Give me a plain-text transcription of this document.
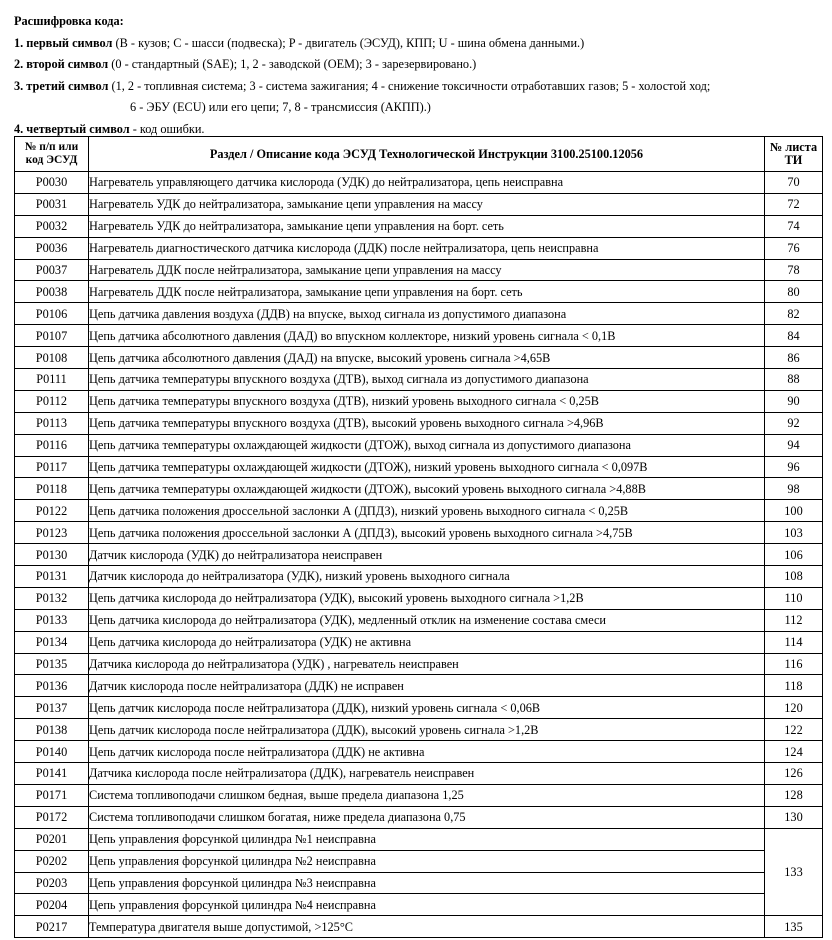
Расшифровка кода:
1. первый символ (B - кузов; C - шасси (подвеска); P - двигатель (ЭСУД), КПП; U - шина обмена данными.)
2. второй символ (0 - стандартный (SAE); 1, 2 - заводской (OEM); 3 - зарезервировано.)
3. третий символ (1, 2 - топливная система; 3 - система зажигания; 4 - снижение токсичности отработавших газов; 5 - холостой ход;
6 - ЭБУ (ECU) или его цепи; 7, 8 - трансмиссия (АКПП).)
4. четвертый символ - код ошибки.
№ п/п или
код ЭСУД	Раздел / Описание кода ЭСУД Технологической Инструкции 3100.25100.12056	№ листа
ТИ
P0030	Нагреватель управляющего датчика кислорода (УДК) до нейтрализатора, цепь неисправна	70
P0031	Нагреватель УДК до нейтрализатора, замыкание цепи управления на массу	72
P0032	Нагреватель УДК до нейтрализатора, замыкание цепи управления на борт. сеть	74
P0036	Нагреватель диагностического датчика кислорода (ДДК) после нейтрализатора, цепь неисправна	76
P0037	Нагреватель ДДК после нейтрализатора, замыкание цепи управления на массу	78
P0038	Нагреватель ДДК после нейтрализатора, замыкание цепи управления на борт. сеть	80
P0106	Цепь датчика давления воздуха (ДДВ) на впуске, выход сигнала из допустимого диапазона	82
P0107	Цепь датчика абсолютного давления (ДАД) во впускном коллекторе, низкий уровень сигнала < 0,1В	84
P0108	Цепь датчика абсолютного давления (ДАД) на впуске, высокий уровень сигнала >4,65В	86
P0111	Цепь датчика температуры впускного воздуха (ДТВ), выход сигнала из допустимого диапазона	88
P0112	Цепь датчика температуры впускного воздуха (ДТВ), низкий уровень выходного сигнала < 0,25В	90
P0113	Цепь датчика температуры впускного воздуха (ДТВ), высокий уровень выходного сигнала >4,96В	92
P0116	Цепь датчика температуры охлаждающей жидкости (ДТОЖ), выход сигнала из допустимого диапазона	94
P0117	Цепь датчика температуры охлаждающей жидкости (ДТОЖ), низкий уровень выходного сигнала < 0,097В	96
P0118	Цепь датчика температуры охлаждающей жидкости (ДТОЖ), высокий уровень выходного сигнала >4,88В	98
P0122	Цепь датчика положения дроссельной заслонки А (ДПДЗ), низкий уровень выходного сигнала < 0,25В	100
P0123	Цепь датчика положения дроссельной заслонки А (ДПДЗ), высокий уровень выходного сигнала >4,75В	103
P0130	Датчик кислорода (УДК) до нейтрализатора неисправен	106
P0131	Датчик кислорода до нейтрализатора (УДК), низкий уровень выходного сигнала	108
P0132	Цепь датчика кислорода до нейтрализатора (УДК), высокий уровень выходного сигнала >1,2В	110
P0133	Цепь датчика кислорода до нейтрализатора (УДК), медленный отклик на изменение состава смеси	112
P0134	Цепь датчика кислорода до нейтрализатора (УДК) не активна	114
P0135	Датчика кислорода до нейтрализатора (УДК) , нагреватель неисправен	116
P0136	Датчик кислорода после нейтрализатора (ДДК) не исправен	118
P0137	Цепь датчик кислорода после нейтрализатора (ДДК), низкий уровень сигнала < 0,06В	120
P0138	Цепь датчик кислорода после нейтрализатора (ДДК), высокий уровень сигнала >1,2В	122
P0140	Цепь датчик кислорода после нейтрализатора (ДДК) не активна	124
P0141	Датчика кислорода после нейтрализатора (ДДК), нагреватель неисправен	126
P0171	Система топливоподачи слишком бедная, выше предела диапазона 1,25	128
P0172	Система топливоподачи слишком богатая, ниже предела диапазона 0,75	130
P0201	Цепь управления форсункой цилиндра №1 неисправна	133
P0202	Цепь управления форсункой цилиндра №2 неисправна	
P0203	Цепь управления форсункой цилиндра №3 неисправна	
P0204	Цепь управления форсункой цилиндра №4 неисправна	
P0217	Температура двигателя выше допустимой, >125°С	135
